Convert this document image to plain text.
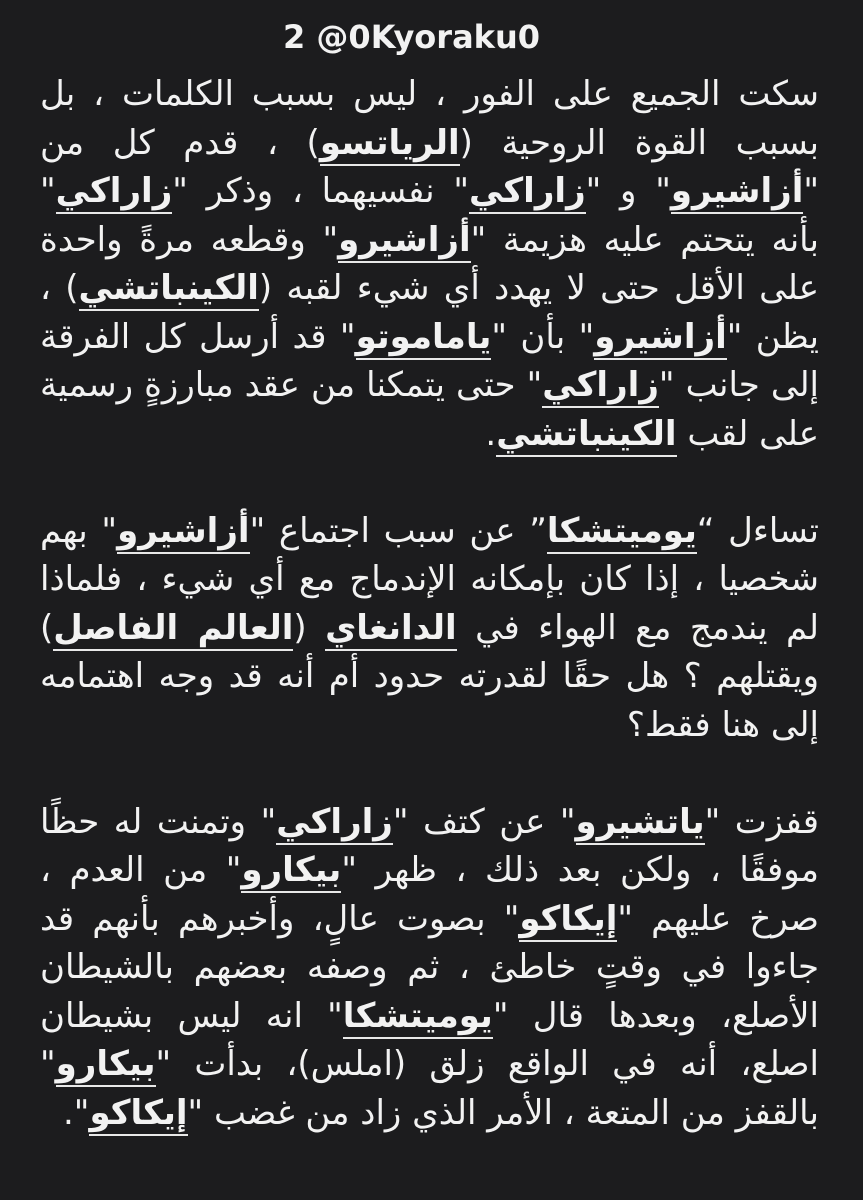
2 @0Kyoraku0

سكت الجميع على الفور ، ليس بسبب الكلمات ، بل بسبب القوة الروحية (الرياتسو) ، قدم كل من "أزاشيرو" و "زاراكي" نفسيهما ، وذكر "زاراكي" بأنه يتحتم عليه هزيمة "أزاشيرو" وقطعه مرةً واحدة على الأقل حتى لا يهدد أي شيء لقبه (الكينباتشي) ، يظن "أزاشيرو" بأن "ياماموتو" قد أرسل كل الفرقة إلى جانب "زاراكي" حتى يتمكنا من عقد مبارزةٍ رسمية على لقب الكينباتشي.

تساءل “يوميتشكا” عن سبب اجتماع "أزاشيرو" بهم شخصيا ، إذا كان بإمكانه الإندماج مع أي شيء ، فلماذا لم يندمج مع الهواء في الدانغاي (العالم الفاصل) ويقتلهم ؟ هل حقًا لقدرته حدود أم أنه قد وجه اهتمامه إلى هنا فقط؟

قفزت "ياتشيرو" عن كتف "زاراكي" وتمنت له حظًا موفقًا ، ولكن بعد ذلك ، ظهر "بيكارو" من العدم ، صرخ عليهم "إيكاكو" بصوت عالٍ، وأخبرهم بأنهم قد جاءوا في وقتٍ خاطئ ، ثم وصفه بعضهم بالشيطان الأصلع، وبعدها قال "يوميتشكا" انه ليس بشيطان اصلع، أنه في الواقع زلق (املس)، بدأت "بيكارو" بالقفز من المتعة ، الأمر الذي زاد من غضب "إيكاكو".
